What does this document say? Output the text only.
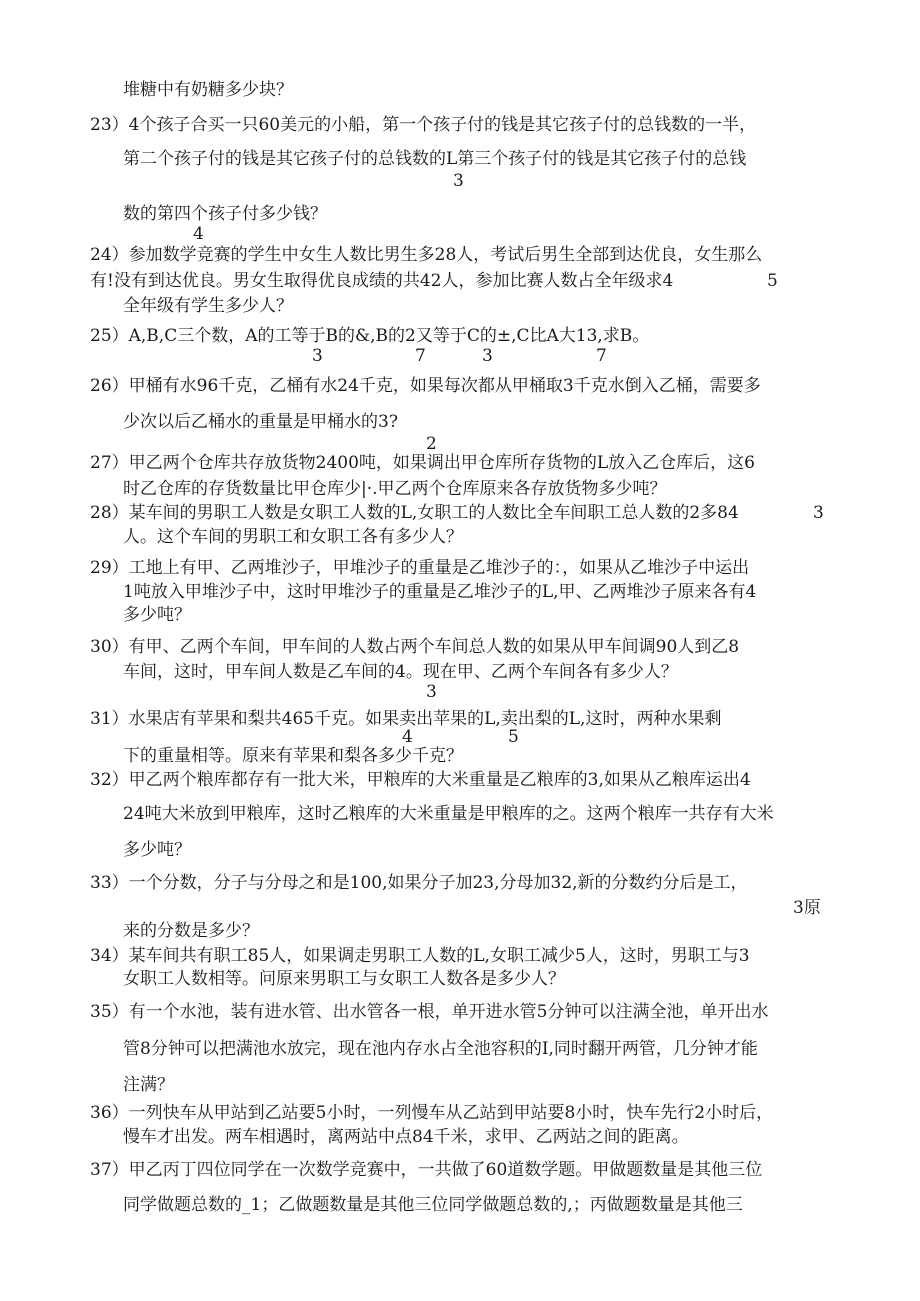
堆糖中有奶糖多少块？
23）4个孩子合买一只60美元的小船，第一个孩子付的钱是其它孩子付的总钱数的一半，
第二个孩子付的钱是其它孩子付的总钱数的L第三个孩子付的钱是其它孩子付的总钱
3
数的第四个孩子付多少钱？
4
24）参加数学竞赛的学生中女生人数比男生多28人，考试后男生全部到达优良，女生那么
有!没有到达优良。男女生取得优良成绩的共42人，参加比赛人数占全年级求4	5
全年级有学生多少人？
25）A,B,C三个数，A的工等于B的&,B的2又等于C的±,C比A大13,求B。
3	7	3	7
26）甲桶有水96千克，乙桶有水24千克，如果每次都从甲桶取3千克水倒入乙桶，需要多
少次以后乙桶水的重量是甲桶水的3?
2
27）甲乙两个仓库共存放货物2400吨，如果调出甲仓库所存货物的L放入乙仓库后，这6
时乙仓库的存货数量比甲仓库少|·.甲乙两个仓库原来各存放货物多少吨？
28）某车间的男职工人数是女职工人数的L,女职工的人数比全车间职工总人数的2多84	3
人。这个车间的男职工和女职工各有多少人？
29）工地上有甲、乙两堆沙子，甲堆沙子的重量是乙堆沙子的：，如果从乙堆沙子中运出
1吨放入甲堆沙子中，这时甲堆沙子的重量是乙堆沙子的L,甲、乙两堆沙子原来各有4
多少吨？
30）有甲、乙两个车间，甲车间的人数占两个车间总人数的如果从甲车间调90人到乙8
车间，这时，甲车间人数是乙车间的4。现在甲、乙两个车间各有多少人？
3
31）水果店有苹果和梨共465千克。如果卖出苹果的L,卖出梨的L,这时，两种水果剩
4	5
下的重量相等。原来有苹果和梨各多少千克？
32）甲乙两个粮库都存有一批大米，甲粮库的大米重量是乙粮库的3,如果从乙粮库运出4
24吨大米放到甲粮库，这时乙粮库的大米重量是甲粮库的之。这两个粮库一共存有大米
多少吨？
33）一个分数，分子与分母之和是100,如果分子加23,分母加32,新的分数约分后是工，
3原
来的分数是多少？
34）某车间共有职工85人，如果调走男职工人数的L,女职工减少5人，这时，男职工与3
女职工人数相等。问原来男职工与女职工人数各是多少人？
35）有一个水池，装有进水管、出水管各一根，单开进水管5分钟可以注满全池，单开出水
管8分钟可以把满池水放完，现在池内存水占全池容积的I,同时翻开两管，几分钟才能
注满？
36）一列快车从甲站到乙站要5小时，一列慢车从乙站到甲站要8小时，快车先行2小时后，
慢车才出发。两车相遇时，离两站中点84千米，求甲、乙两站之间的距离。
37）甲乙丙丁四位同学在一次数学竞赛中，一共做了60道数学题。甲做题数量是其他三位
同学做题总数的_1；乙做题数量是其他三位同学做题总数的,；丙做题数量是其他三
